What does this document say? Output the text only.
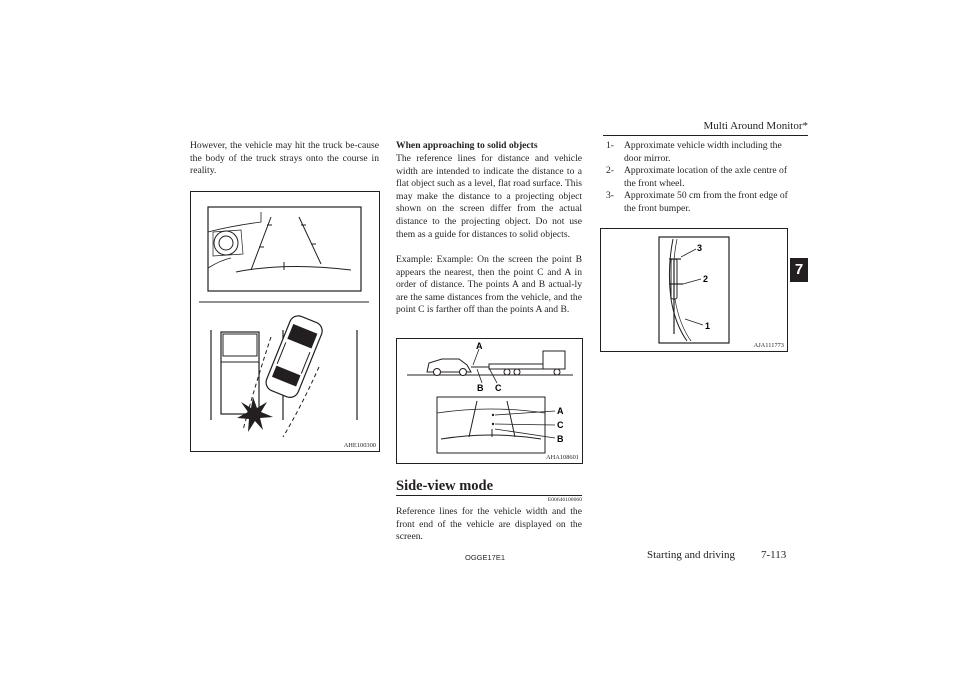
Multi Around Monitor*
7
However, the vehicle may hit the truck be-cause the body of the truck strays onto the course in reality.
AHE100300
When approaching to solid objects
The reference lines for distance and vehicle width are intended to indicate the distance to a flat object such as a level, flat road surface. This may make the distance to a projecting object shown on the screen differ from the actual distance to the projecting object. Do not use them as a guide for distances to solid objects.
Example: Example: On the screen the point B appears the nearest, then the point C and A in order of distance. The points A and B actual-ly are the same distances from the vehicle, and the point C is farther off than the points A and B.
A
B C
A
C
B
AHA108601
Side-view mode
E00646100060
Reference lines for the vehicle width and the front end of the vehicle are displayed on the screen.
1-	Approximate vehicle width including the door mirror.
2-	Approximate location of the axle centre of the front wheel.
3-	Approximate 50 cm from the front edge of the front bumper.
3
2
1
AJA111773
OGGE17E1	Starting and driving 7-113
